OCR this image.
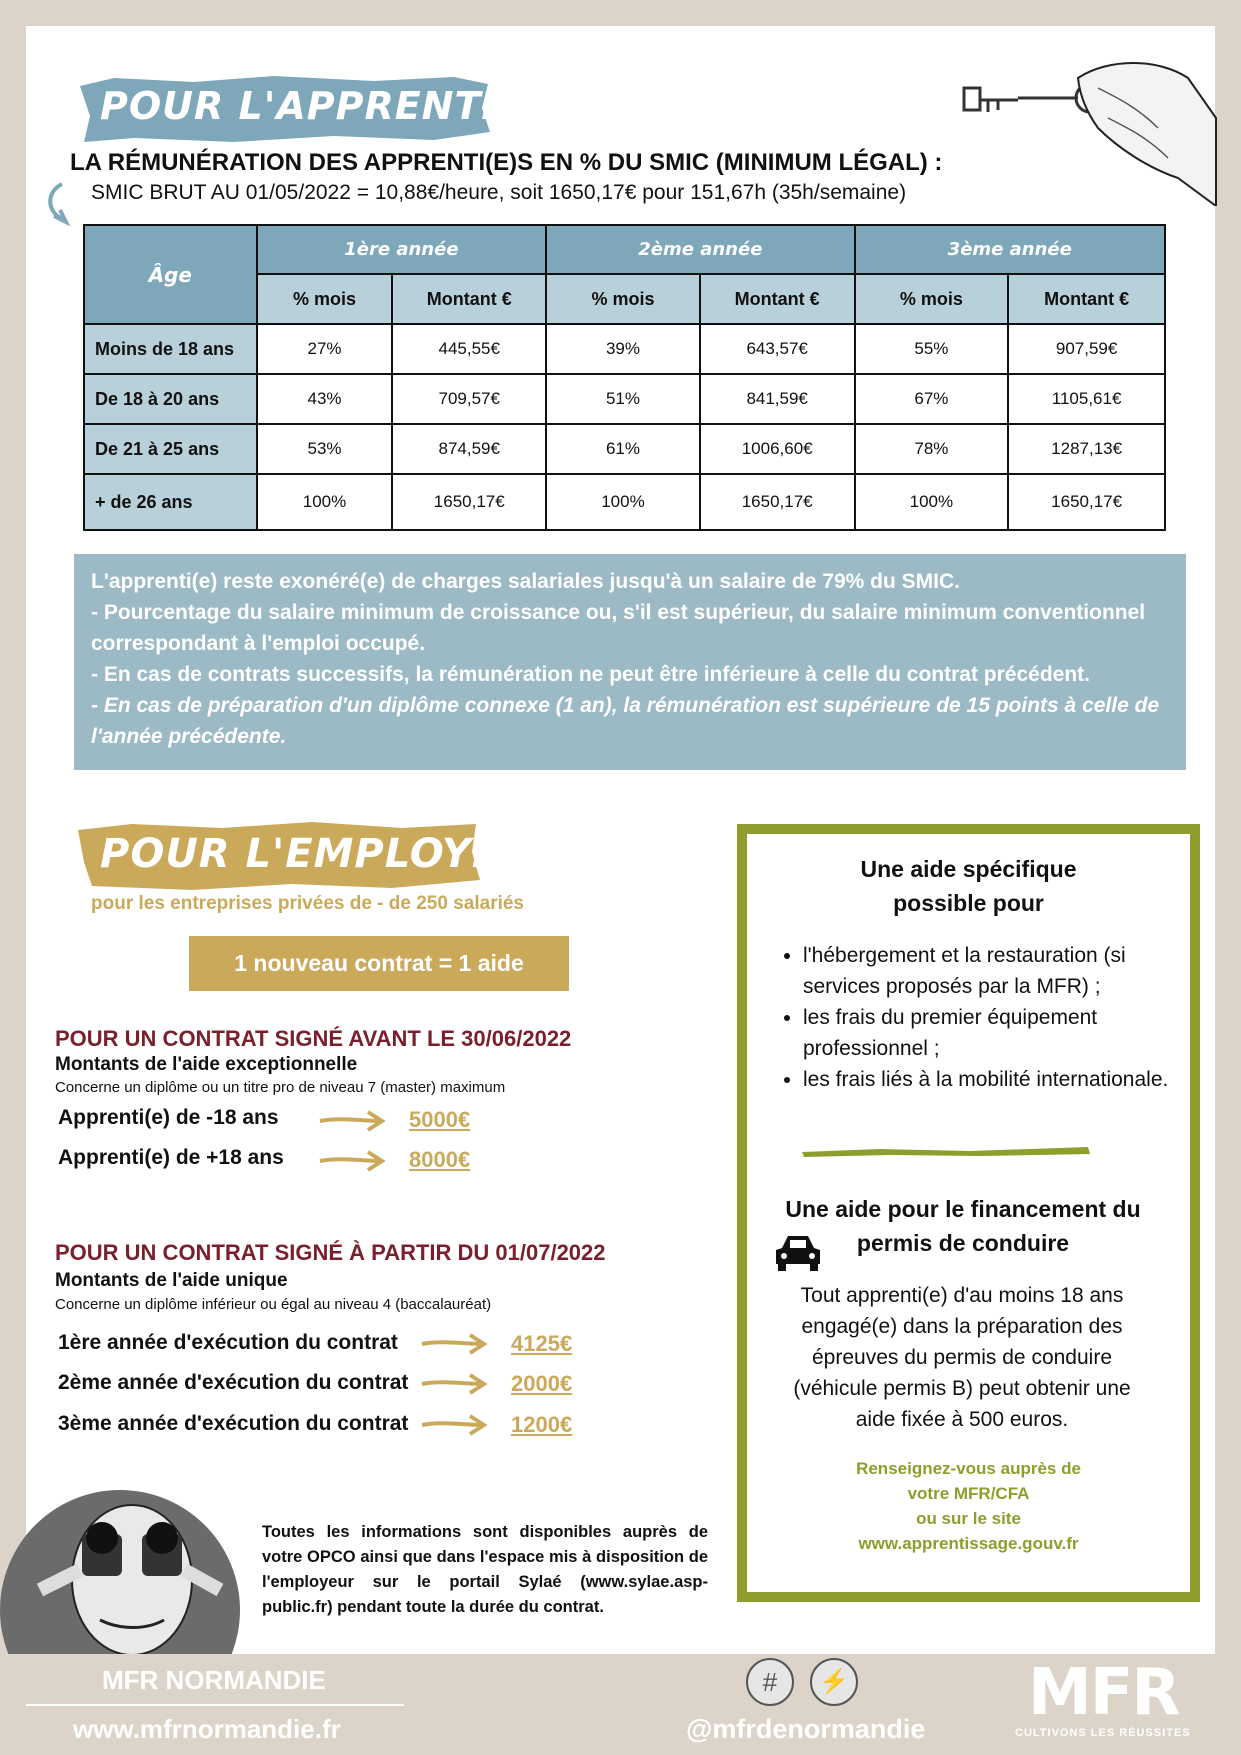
POUR L'APPRENTI(E)
LA RÉMUNÉRATION DES APPRENTI(E)S EN % DU SMIC (MINIMUM LÉGAL) :
SMIC BRUT AU 01/05/2022 = 10,88€/heure, soit 1650,17€ pour 151,67h (35h/semaine)
Âge	1ère année		2ème année		3ème année	
	% mois	Montant €	% mois	Montant €	% mois	Montant €
Moins de 18 ans	27%	445,55€	39%	643,57€	55%	907,59€
De 18 à 20 ans	43%	709,57€	51%	841,59€	67%	1105,61€
De 21 à 25 ans	53%	874,59€	61%	1006,60€	78%	1287,13€
+ de 26 ans	100%	1650,17€	100%	1650,17€	100%	1650,17€

L'apprenti(e) reste exonéré(e) de charges salariales jusqu'à un salaire de 79% du SMIC.

- Pourcentage du salaire minimum de croissance ou, s'il est supérieur, du salaire minimum conventionnel correspondant à l'emploi occupé.

- En cas de contrats successifs, la rémunération ne peut être inférieure à celle du contrat précédent.

- En cas de préparation d'un diplôme connexe (1 an), la rémunération est supérieure de 15 points à celle de l'année précédente.

POUR L'EMPLOYEUR
pour les entreprises privées de - de 250 salariés
1 nouveau contrat = 1 aide
POUR UN CONTRAT SIGNÉ AVANT LE 30/06/2022
Montants de l'aide exceptionnelle
Concerne un diplôme ou un titre pro de niveau 7 (master) maximum
Apprenti(e) de -18 ans	5000€
Apprenti(e) de +18 ans	8000€
POUR UN CONTRAT SIGNÉ À PARTIR DU 01/07/2022
Montants de l'aide unique
Concerne un diplôme inférieur ou égal au niveau 4 (baccalauréat)
1ère année d'exécution du contrat	4125€
2ème année d'exécution du contrat	2000€
3ème année d'exécution du contrat	1200€
Toutes les informations sont disponibles auprès de votre OPCO ainsi que dans l'espace mis à disposition de l'employeur sur le portail Sylaé (www.sylae.asp-public.fr) pendant toute la durée du contrat.
Une aide spécifique
possible pour
• l'hébergement et la restauration (si services proposés par la MFR) ;
• les frais du premier équipement professionnel ;
• les frais liés à la mobilité internationale.
Une aide pour le financement du permis de conduire
Tout apprenti(e) d'au moins 18 ans engagé(e) dans la préparation des épreuves du permis de conduire (véhicule permis B) peut obtenir une aide fixée à 500 euros.
Renseignez-vous auprès de
votre MFR/CFA
ou sur le site
www.apprentissage.gouv.fr
MFR NORMANDIE
www.mfrnormandie.fr
#	⚡
@mfrdenormandie MFR
CULTIVONS LES RÉUSSITES
